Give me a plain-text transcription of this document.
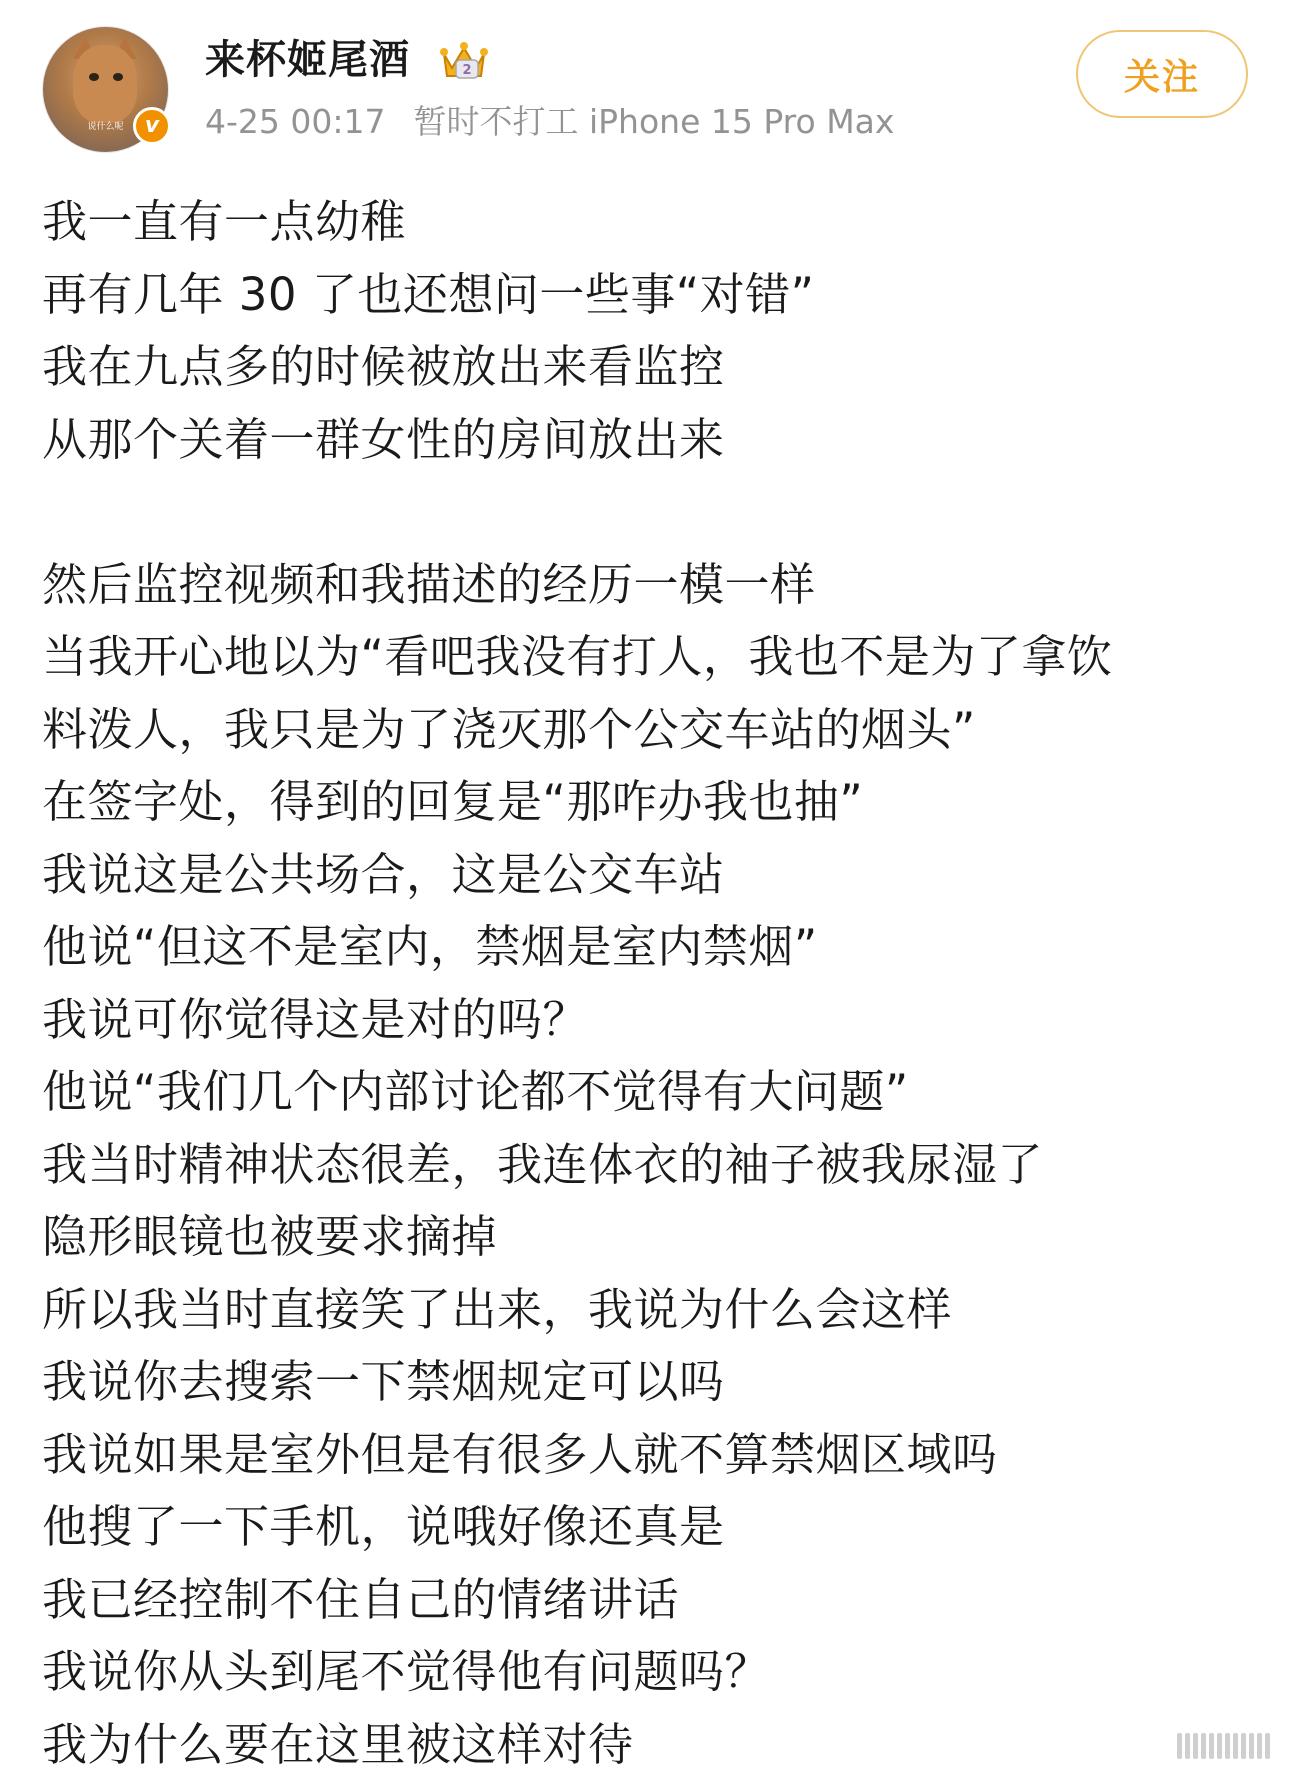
说什么呢 v
来杯姬尾酒	2
4-25 00:17 暂时不打工 iPhone 15 Pro Max
关注

我一直有一点幼稚

再有几年 30 了也还想问一些事“对错”

我在九点多的时候被放出来看监控

从那个关着一群女性的房间放出来

然后监控视频和我描述的经历一模一样

当我开心地以为“看吧我没有打人，我也不是为了拿饮

料泼人，我只是为了浇灭那个公交车站的烟头”

在签字处，得到的回复是“那咋办我也抽”

我说这是公共场合，这是公交车站

他说“但这不是室内，禁烟是室内禁烟”

我说可你觉得这是对的吗？

他说“我们几个内部讨论都不觉得有大问题”

我当时精神状态很差，我连体衣的袖子被我尿湿了

隐形眼镜也被要求摘掉

所以我当时直接笑了出来，我说为什么会这样

我说你去搜索一下禁烟规定可以吗

我说如果是室外但是有很多人就不算禁烟区域吗

他搜了一下手机，说哦好像还真是

我已经控制不住自己的情绪讲话

我说你从头到尾不觉得他有问题吗？

我为什么要在这里被这样对待
